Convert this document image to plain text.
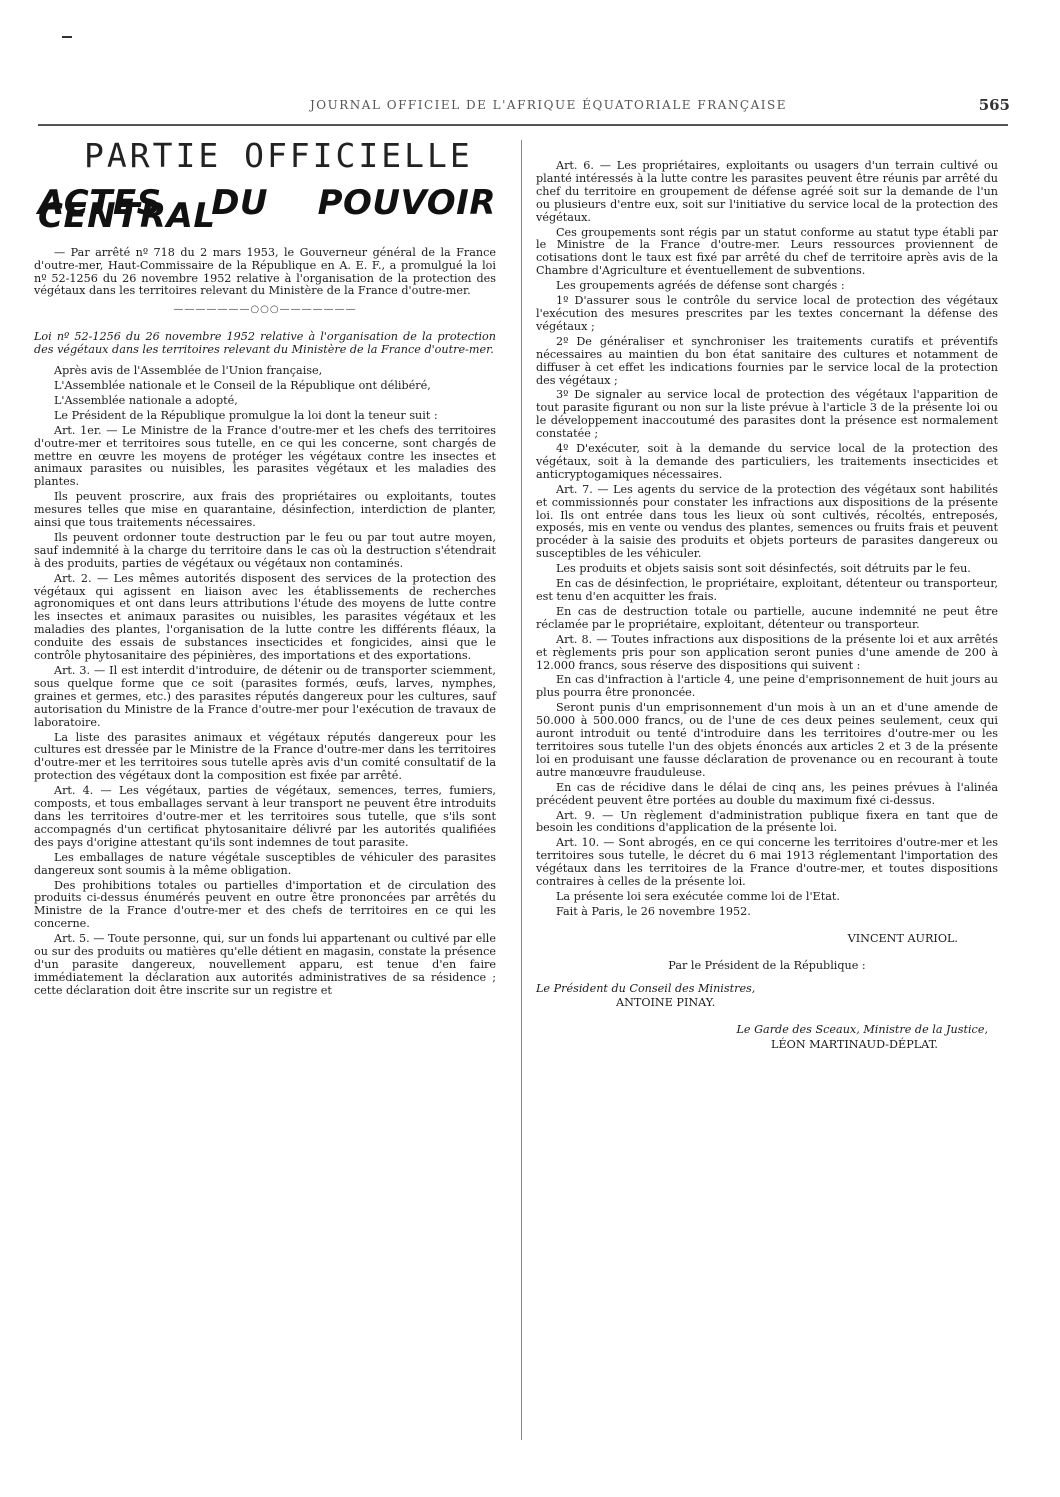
JOURNAL OFFICIEL DE L'AFRIQUE ÉQUATORIALE FRANÇAISE	565
PARTIE OFFICIELLE
ACTES DU POUVOIR CENTRAL

— Par arrêté nº 718 du 2 mars 1953, le Gouverneur général de la France d'outre-mer, Haut-Commissaire de la République en A. E. F., a promulgué la loi nº 52-1256 du 26 novembre 1952 relative à l'organisation de la protection des végétaux dans les territoires relevant du Ministère de la France d'outre-mer.

———————○○○———————

Loi nº 52-1256 du 26 novembre 1952 relative à l'organisation de la protection des végétaux dans les territoires relevant du Ministère de la France d'outre-mer.

Après avis de l'Assemblée de l'Union française,

L'Assemblée nationale et le Conseil de la République ont délibéré,

L'Assemblée nationale a adopté,

Le Président de la République promulgue la loi dont la teneur suit :

Art. 1er. — Le Ministre de la France d'outre-mer et les chefs des territoires d'outre-mer et territoires sous tutelle, en ce qui les concerne, sont chargés de mettre en œuvre les moyens de protéger les végétaux contre les insectes et animaux parasites ou nuisibles, les parasites végétaux et les maladies des plantes.

Ils peuvent proscrire, aux frais des propriétaires ou exploitants, toutes mesures telles que mise en quarantaine, désinfection, interdiction de planter, ainsi que tous traitements nécessaires.

Ils peuvent ordonner toute destruction par le feu ou par tout autre moyen, sauf indemnité à la charge du territoire dans le cas où la destruction s'étendrait à des produits, parties de végétaux ou végétaux non contaminés.

Art. 2. — Les mêmes autorités disposent des services de la protection des végétaux qui agissent en liaison avec les établissements de recherches agronomiques et ont dans leurs attributions l'étude des moyens de lutte contre les insectes et animaux parasites ou nuisibles, les parasites végétaux et les maladies des plantes, l'organisation de la lutte contre les différents fléaux, la conduite des essais de substances insecticides et fongicides, ainsi que le contrôle phytosanitaire des pépinières, des importations et des exportations.

Art. 3. — Il est interdit d'introduire, de détenir ou de transporter sciemment, sous quelque forme que ce soit (parasites formés, œufs, larves, nymphes, graines et germes, etc.) des parasites réputés dangereux pour les cultures, sauf autorisation du Ministre de la France d'outre-mer pour l'exécution de travaux de laboratoire.

La liste des parasites animaux et végétaux réputés dangereux pour les cultures est dressée par le Ministre de la France d'outre-mer dans les territoires d'outre-mer et les territoires sous tutelle après avis d'un comité consultatif de la protection des végétaux dont la composition est fixée par arrêté.

Art. 4. — Les végétaux, parties de végétaux, semences, terres, fumiers, composts, et tous emballages servant à leur transport ne peuvent être introduits dans les territoires d'outre-mer et les territoires sous tutelle, que s'ils sont accompagnés d'un certificat phytosanitaire délivré par les autorités qualifiées des pays d'origine attestant qu'ils sont indemnes de tout parasite.

Les emballages de nature végétale susceptibles de véhiculer des parasites dangereux sont soumis à la même obligation.

Des prohibitions totales ou partielles d'importation et de circulation des produits ci-dessus énumérés peuvent en outre être prononcées par arrêtés du Ministre de la France d'outre-mer et des chefs de territoires en ce qui les concerne.

Art. 5. — Toute personne, qui, sur un fonds lui appartenant ou cultivé par elle ou sur des produits ou matières qu'elle détient en magasin, constate la présence d'un parasite dangereux, nouvellement apparu, est tenue d'en faire immédiatement la déclaration aux autorités administratives de sa résidence ; cette déclaration doit être inscrite sur un registre et

Art. 6. — Les propriétaires, exploitants ou usagers d'un terrain cultivé ou planté intéressés à la lutte contre les parasites peuvent être réunis par arrêté du chef du territoire en groupement de défense agréé soit sur la demande de l'un ou plusieurs d'entre eux, soit sur l'initiative du service local de la protection des végétaux.

Ces groupements sont régis par un statut conforme au statut type établi par le Ministre de la France d'outre-mer. Leurs ressources proviennent de cotisations dont le taux est fixé par arrêté du chef de territoire après avis de la Chambre d'Agriculture et éventuellement de subventions.

Les groupements agréés de défense sont chargés :

1º D'assurer sous le contrôle du service local de protection des végétaux l'exécution des mesures prescrites par les textes concernant la défense des végétaux ;

2º De généraliser et synchroniser les traitements curatifs et préventifs nécessaires au maintien du bon état sanitaire des cultures et notamment de diffuser à cet effet les indications fournies par le service local de la protection des végétaux ;

3º De signaler au service local de protection des végétaux l'apparition de tout parasite figurant ou non sur la liste prévue à l'article 3 de la présente loi ou le développement inaccoutumé des parasites dont la présence est normalement constatée ;

4º D'exécuter, soit à la demande du service local de la protection des végétaux, soit à la demande des particuliers, les traitements insecticides et anticryptogamiques nécessaires.

Art. 7. — Les agents du service de la protection des végétaux sont habilités et commissionnés pour constater les infractions aux dispositions de la présente loi. Ils ont entrée dans tous les lieux où sont cultivés, récoltés, entreposés, exposés, mis en vente ou vendus des plantes, semences ou fruits frais et peuvent procéder à la saisie des produits et objets porteurs de parasites dangereux ou susceptibles de les véhiculer.

Les produits et objets saisis sont soit désinfectés, soit détruits par le feu.

En cas de désinfection, le propriétaire, exploitant, détenteur ou transporteur, est tenu d'en acquitter les frais.

En cas de destruction totale ou partielle, aucune indemnité ne peut être réclamée par le propriétaire, exploitant, détenteur ou transporteur.

Art. 8. — Toutes infractions aux dispositions de la présente loi et aux arrêtés et règlements pris pour son application seront punies d'une amende de 200 à 12.000 francs, sous réserve des dispositions qui suivent :

En cas d'infraction à l'article 4, une peine d'emprisonnement de huit jours au plus pourra être prononcée.

Seront punis d'un emprisonnement d'un mois à un an et d'une amende de 50.000 à 500.000 francs, ou de l'une de ces deux peines seulement, ceux qui auront introduit ou tenté d'introduire dans les territoires d'outre-mer ou les territoires sous tutelle l'un des objets énoncés aux articles 2 et 3 de la présente loi en produisant une fausse déclaration de provenance ou en recourant à toute autre manœuvre frauduleuse.

En cas de récidive dans le délai de cinq ans, les peines prévues à l'alinéa précédent peuvent être portées au double du maximum fixé ci-dessus.

Art. 9. — Un règlement d'administration publique fixera en tant que de besoin les conditions d'application de la présente loi.

Art. 10. — Sont abrogés, en ce qui concerne les territoires d'outre-mer et les territoires sous tutelle, le décret du 6 mai 1913 réglementant l'importation des végétaux dans les territoires de la France d'outre-mer, et toutes dispositions contraires à celles de la présente loi.

La présente loi sera exécutée comme loi de l'Etat.

Fait à Paris, le 26 novembre 1952.

VINCENT AURIOL.

Par le Président de la République :

Le Président du Conseil des Ministres,

ANTOINE PINAY.

Le Garde des Sceaux, Ministre de la Justice,

LÉON MARTINAUD-DÉPLAT.
